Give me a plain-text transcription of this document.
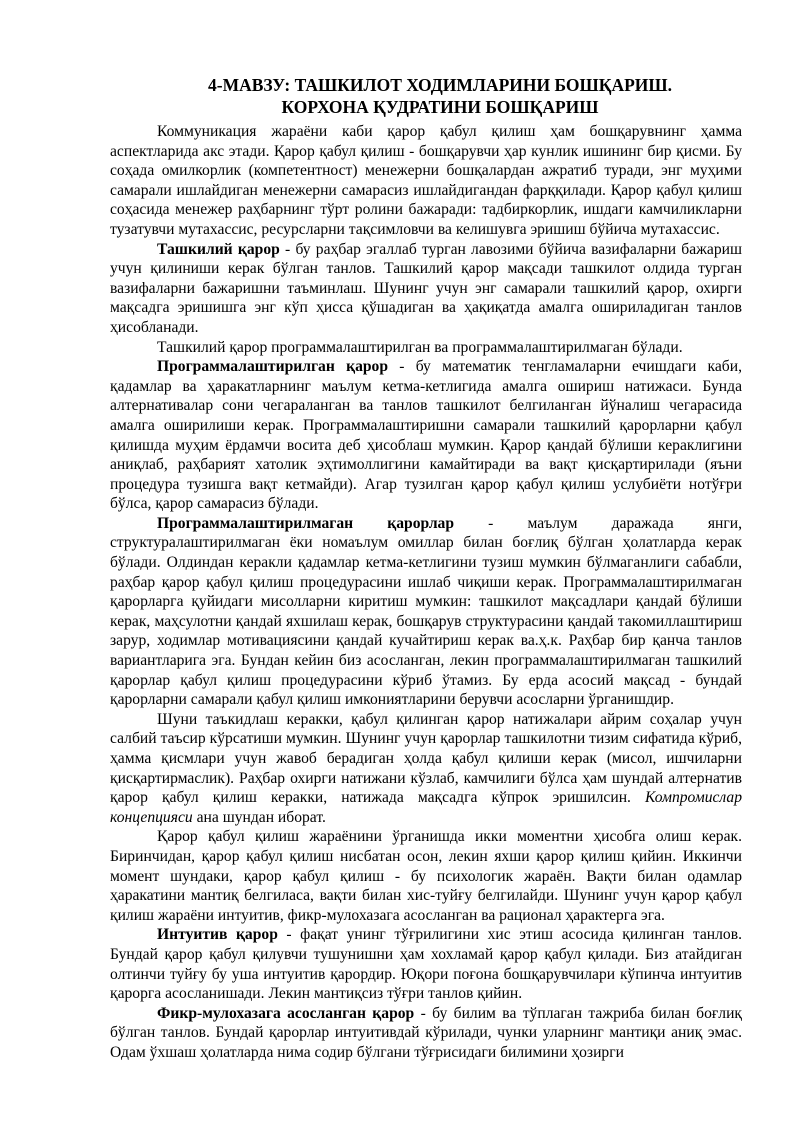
4-МАВЗУ: ТАШКИЛОТ ХОДИМЛАРИНИ БОШҚАРИШ.
КОРХОНА ҚУДРАТИНИ БОШҚАРИШ

Коммуникация жараёни каби қарор қабул қилиш ҳам бошқарувнинг ҳамма аспектларида акс этади. Қарор қабул қилиш - бошқарувчи ҳар кунлик ишининг бир қисми. Бу соҳада омилкорлик (компетентност) менежерни бошқалардан ажратиб туради, энг муҳими самарали ишлайдиган менежерни самарасиз ишлайдигандан фарққилади. Қарор қабул қилиш соҳасида менежер раҳбарнинг тўрт ролини бажаради: тадбиркорлик, ишдаги камчиликларни тузатувчи мутахассис, ресурсларни тақсимловчи ва келишувга эришиш бўйича мутахассис.

Ташкилий қарор - бу раҳбар эгаллаб турган лавозими бўйича вазифаларни бажариш учун қилиниши керак бўлган танлов. Ташкилий қарор мақсади ташкилот олдида турган вазифаларни бажаришни таъминлаш. Шунинг учун энг самарали ташкилий қарор, охирги мақсадга эришишга энг кўп ҳисса қўшадиган ва ҳақиқатда амалга ошириладиган танлов ҳисобланади.

Ташкилий қарор программалаштирилган ва программалаштирилмаган бўлади.

Программалаштирилган қарор - бу математик тенгламаларни ечишдаги каби, қадамлар ва ҳаракатларнинг маълум кетма-кетлигида амалга ошириш натижаси. Бунда алтернативалар сони чегараланган ва танлов ташкилот белгиланган йўналиш чегарасида амалга оширилиши керак. Программалаштиришни самарали ташкилий қарорларни қабул қилишда муҳим ёрдамчи восита деб ҳисоблаш мумкин. Қарор қандай бўлиши кераклигини аниқлаб, раҳбарият хатолик эҳтимоллигини камайтиради ва вақт қисқартирилади (яъни процедура тузишга вақт кетмайди). Агар тузилган қарор қабул қилиш услубиёти нотўғри бўлса, қарор самарасиз бўлади.

Программалаштирилмаган қарорлар - маълум даражада янги, структуралаштирилмаган ёки номаълум омиллар билан боғлиқ бўлган ҳолатларда керак бўлади. Олдиндан керакли қадамлар кетма-кетлигини тузиш мумкин бўлмаганлиги сабабли, раҳбар қарор қабул қилиш процедурасини ишлаб чиқиши керак. Программалаштирилмаган қарорларга қуйидаги мисолларни киритиш мумкин: ташкилот мақсадлари қандай бўлиши керак, маҳсулотни қандай яхшилаш керак, бошқарув структурасини қандай такомиллаштириш зарур, ходимлар мотивациясини қандай кучайтириш керак ва.ҳ.к. Раҳбар бир қанча танлов вариантларига эга. Бундан кейин биз асосланган, лекин программалаштирилмаган ташкилий қарорлар қабул қилиш процедурасини кўриб ўтамиз. Бу ерда асосий мақсад - бундай қарорларни самарали қабул қилиш имкониятларини берувчи асосларни ўрганишдир.

Шуни таъкидлаш керакки, қабул қилинган қарор натижалари айрим соҳалар учун салбий таъсир кўрсатиши мумкин. Шунинг учун қарорлар ташкилотни тизим сифатида кўриб, ҳамма қисмлари учун жавоб берадиган ҳолда қабул қилиши керак (мисол, ишчиларни қисқартирмаслик). Раҳбар охирги натижани кўзлаб, камчилиги бўлса ҳам шундай алтернатив қарор қабул қилиш керакки, натижада мақсадга кўпрок эришилсин. Компромислар концепцияси ана шундан иборат.

Қарор қабул қилиш жараёнини ўрганишда икки моментни ҳисобга олиш керак. Биринчидан, қарор қабул қилиш нисбатан осон, лекин яхши қарор қилиш қийин. Иккинчи момент шундаки, қарор қабул қилиш - бу психологик жараён. Вақти билан одамлар ҳаракатини мантиқ белгиласа, вақти билан хис-туйғу белгилайди. Шунинг учун қарор қабул қилиш жараёни интуитив, фикр-мулохазага асосланган ва рационал ҳарактерга эга.

Интуитив қарор - фақат унинг тўғрилигини хис этиш асосида қилинган танлов. Бундай қарор қабул қилувчи тушунишни ҳам хохламай қарор қабул қилади. Биз атайдиган олтинчи туйғу бу уша интуитив қарордир. Юқори поғона бошқарувчилари кўпинча интуитив қарорга асосланишади. Лекин мантиқсиз тўғри танлов қийин.

Фикр-мулохазага асосланган қарор - бу билим ва тўплаган тажриба билан боғлиқ бўлган танлов. Бундай қарорлар интуитивдай кўрилади, чунки уларнинг мантиқи аниқ эмас. Одам ўхшаш ҳолатларда нима содир бўлгани тўғрисидаги билимини ҳозирги
